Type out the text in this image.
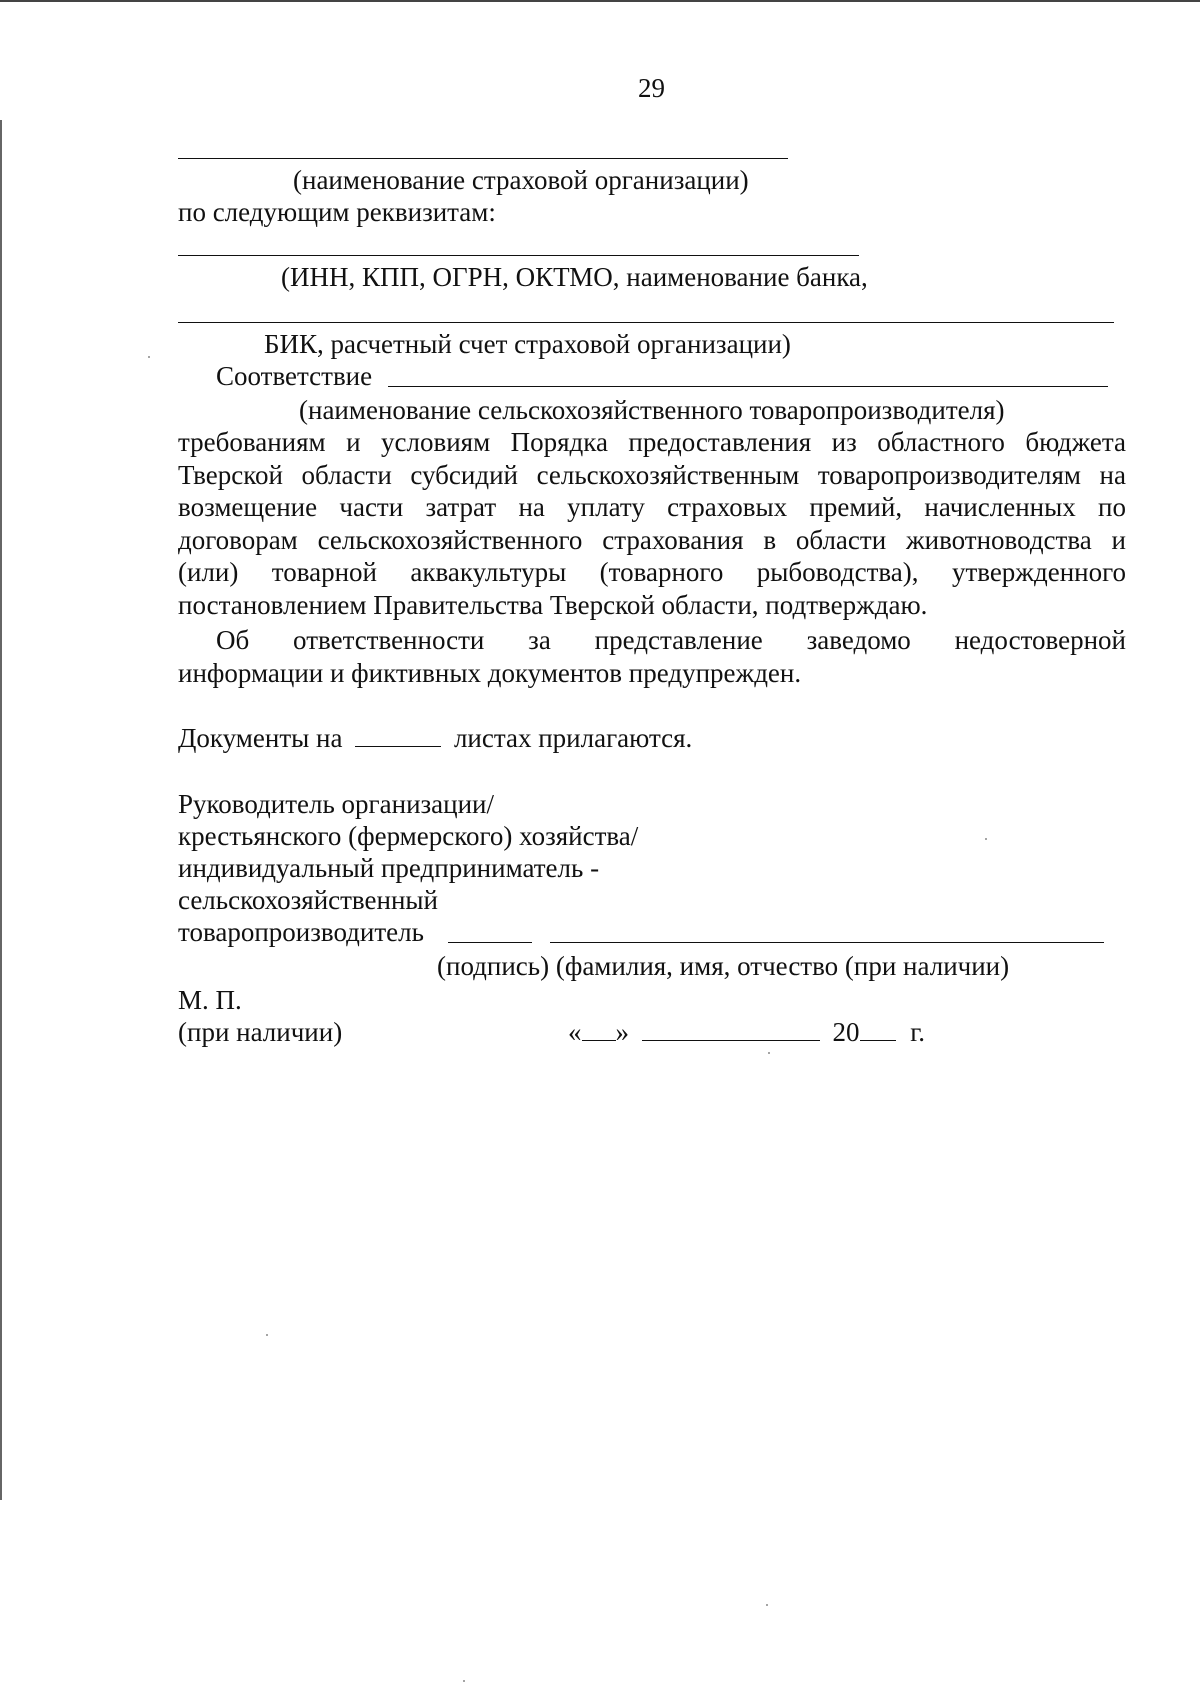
29
(наименование страховой организации)
по следующим реквизитам:
(ИНН, КПП, ОГРН, ОКТМО, наименование банка,
БИК, расчетный счет страховой организации)
Соответствие
(наименование сельскохозяйственного товаропроизводителя)
требованиям и условиям Порядка предоставления из областного бюджета
Тверской области субсидий сельскохозяйственным товаропроизводителям на
возмещение части затрат на уплату страховых премий, начисленных по
договорам сельскохозяйственного страхования в области животноводства и
(или) товарной аквакультуры (товарного рыбоводства), утвержденного
постановлением Правительства Тверской области, подтверждаю.
Об ответственности за представление заведомо недостоверной
информации и фиктивных документов предупрежден.
Документы на	листах прилагаются.
Руководитель организации/
крестьянского (фермерского) хозяйства/
индивидуальный предприниматель -
сельскохозяйственный
товаропроизводитель
(подпись) (фамилия, имя, отчество (при наличии)
М. П.
(при наличии)	« »	20 г.
